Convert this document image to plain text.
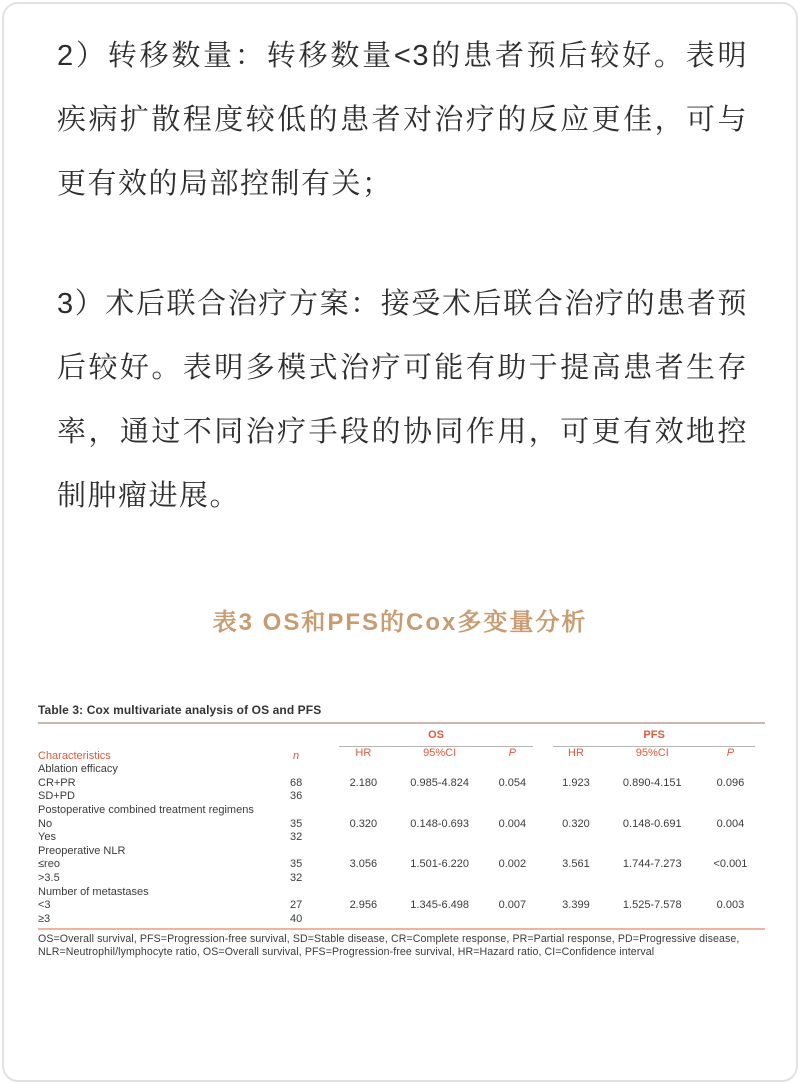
2）转移数量：转移数量<3的患者预后较好。表明疾病扩散程度较低的患者对治疗的反应更佳，可与更有效的局部控制有关；

3）术后联合治疗方案：接受术后联合治疗的患者预后较好。表明多模式治疗可能有助于提高患者生存率，通过不同治疗手段的协同作用，可更有效地控制肿瘤进展。

表3 OS和PFS的Cox多变量分析
Table 3: Cox multivariate analysis of OS and PFS
Characteristics	n	OS			PFS		

		HR	95%CI	P	HR	95%CI	P
Ablation efficacy							
CR+PR	68	2.180	0.985-4.824	0.054	1.923	0.890-4.151	0.096
SD+PD	36						
Postoperative combined treatment regimens							
No	35	0.320	0.148-0.693	0.004	0.320	0.148-0.691	0.004
Yes	32						
Preoperative NLR							
≤reo	35	3.056	1.501-6.220	0.002	3.561	1.744-7.273	<0.001
>3.5	32						
Number of metastases							
<3	27	2.956	1.345-6.498	0.007	3.399	1.525-7.578	0.003
≥3	40						
OS=Overall survival, PFS=Progression-free survival, SD=Stable disease, CR=Complete response, PR=Partial response, PD=Progressive disease,
NLR=Neutrophil/lymphocyte ratio, OS=Overall survival, PFS=Progression-free survival, HR=Hazard ratio, CI=Confidence interval
